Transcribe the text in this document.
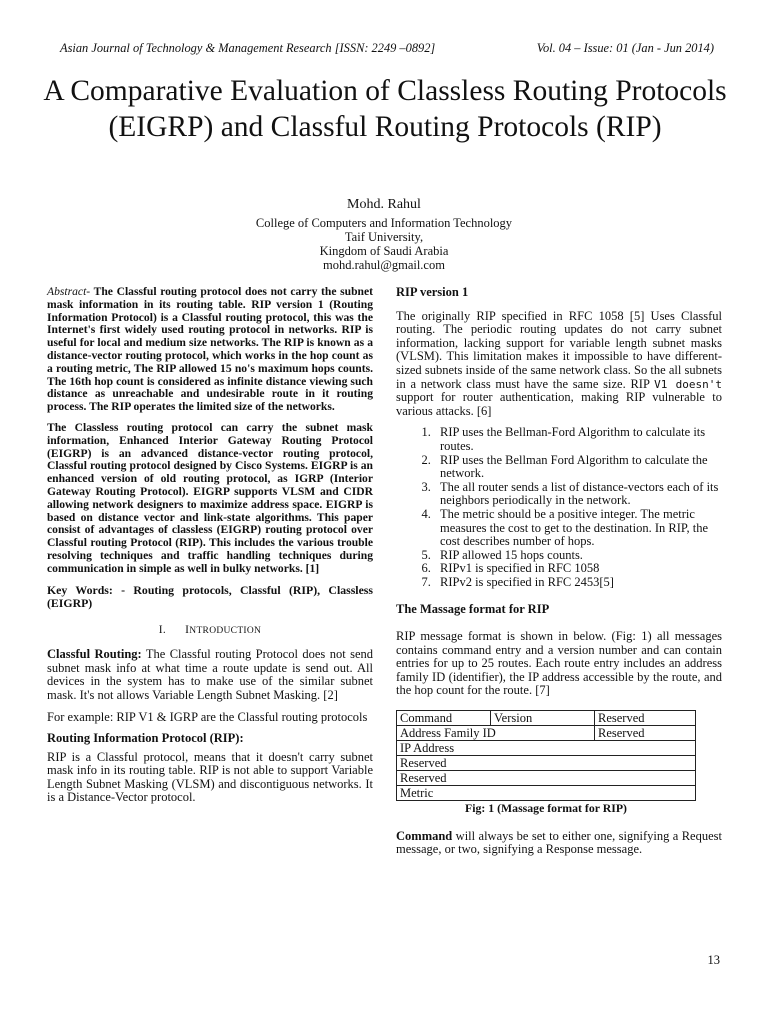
Asian Journal of Technology & Management Research [ISSN: 2249 –0892]	Vol. 04 – Issue: 01 (Jan - Jun 2014)
A Comparative Evaluation of Classless Routing Protocols (EIGRP) and Classful Routing Protocols (RIP)
Mohd. Rahul
College of Computers and Information Technology
Taif University,
Kingdom of Saudi Arabia
mohd.rahul@gmail.com

Abstract- The Classful routing protocol does not carry the subnet mask information in its routing table. RIP version 1 (Routing Information Protocol) is a Classful routing protocol, this was the Internet's first widely used routing protocol in networks. RIP is useful for local and medium size networks. The RIP is known as a distance-vector routing protocol, which works in the hop count as a routing metric, The RIP allowed 15 no's maximum hops counts. The 16th hop count is considered as infinite distance viewing such distance as unreachable and undesirable route in it routing process. The RIP operates the limited size of the networks.

The Classless routing protocol can carry the subnet mask information, Enhanced Interior Gateway Routing Protocol (EIGRP) is an advanced distance-vector routing protocol, Classful routing protocol designed by Cisco Systems. EIGRP is an enhanced version of old routing protocol, as IGRP (Interior Gateway Routing Protocol). EIGRP supports VLSM and CIDR allowing network designers to maximize address space. EIGRP is based on distance vector and link-state algorithms. This paper consist of advantages of classless (EIGRP) routing protocol over Classful routing Protocol (RIP). This includes the various trouble resolving techniques and traffic handling techniques during communication in simple as well in bulky networks. [1]

Key Words: - Routing protocols, Classful (RIP), Classless (EIGRP)

I. INTRODUCTION

Classful Routing: The Classful routing Protocol does not send subnet mask info at what time a route update is send out. All devices in the system has to make use of the similar subnet mask. It's not allows Variable Length Subnet Masking. [2]

For example: RIP V1 & IGRP are the Classful routing protocols

Routing Information Protocol (RIP):

RIP is a Classful protocol, means that it doesn't carry subnet mask info in its routing table. RIP is not able to support Variable Length Subnet Masking (VLSM) and discontiguous networks. It is a Distance-Vector protocol.

RIP version 1

The originally RIP specified in RFC 1058 [5] Uses Classful routing. The periodic routing updates do not carry subnet information, lacking support for variable length subnet masks (VLSM). This limitation makes it impossible to have different-sized subnets inside of the same network class. So the all subnets in a network class must have the same size. RIP V1 doesn't support for router authentication, making RIP vulnerable to various attacks. [6]

1. RIP uses the Bellman-Ford Algorithm to calculate its routes.
2. RIP uses the Bellman Ford Algorithm to calculate the network.
3. The all router sends a list of distance-vectors each of its neighbors periodically in the network.
4. The metric should be a positive integer. The metric measures the cost to get to the destination. In RIP, the cost describes number of hops.
5. RIP allowed 15 hops counts.
6. RIPv1 is specified in RFC 1058
7. RIPv2 is specified in RFC 2453[5]

The Massage format for RIP

RIP message format is shown in below. (Fig: 1) all messages contains command entry and a version number and can contain entries for up to 25 routes. Each route entry includes an address family ID (identifier), the IP address accessible by the route, and the hop count for the route. [7]

Command	Version	Reserved
Address Family ID		Reserved
IP Address		
Reserved		
Reserved		
Metric		
Fig: 1 (Massage format for RIP)

Command will always be set to either one, signifying a Request message, or two, signifying a Response message.

13
